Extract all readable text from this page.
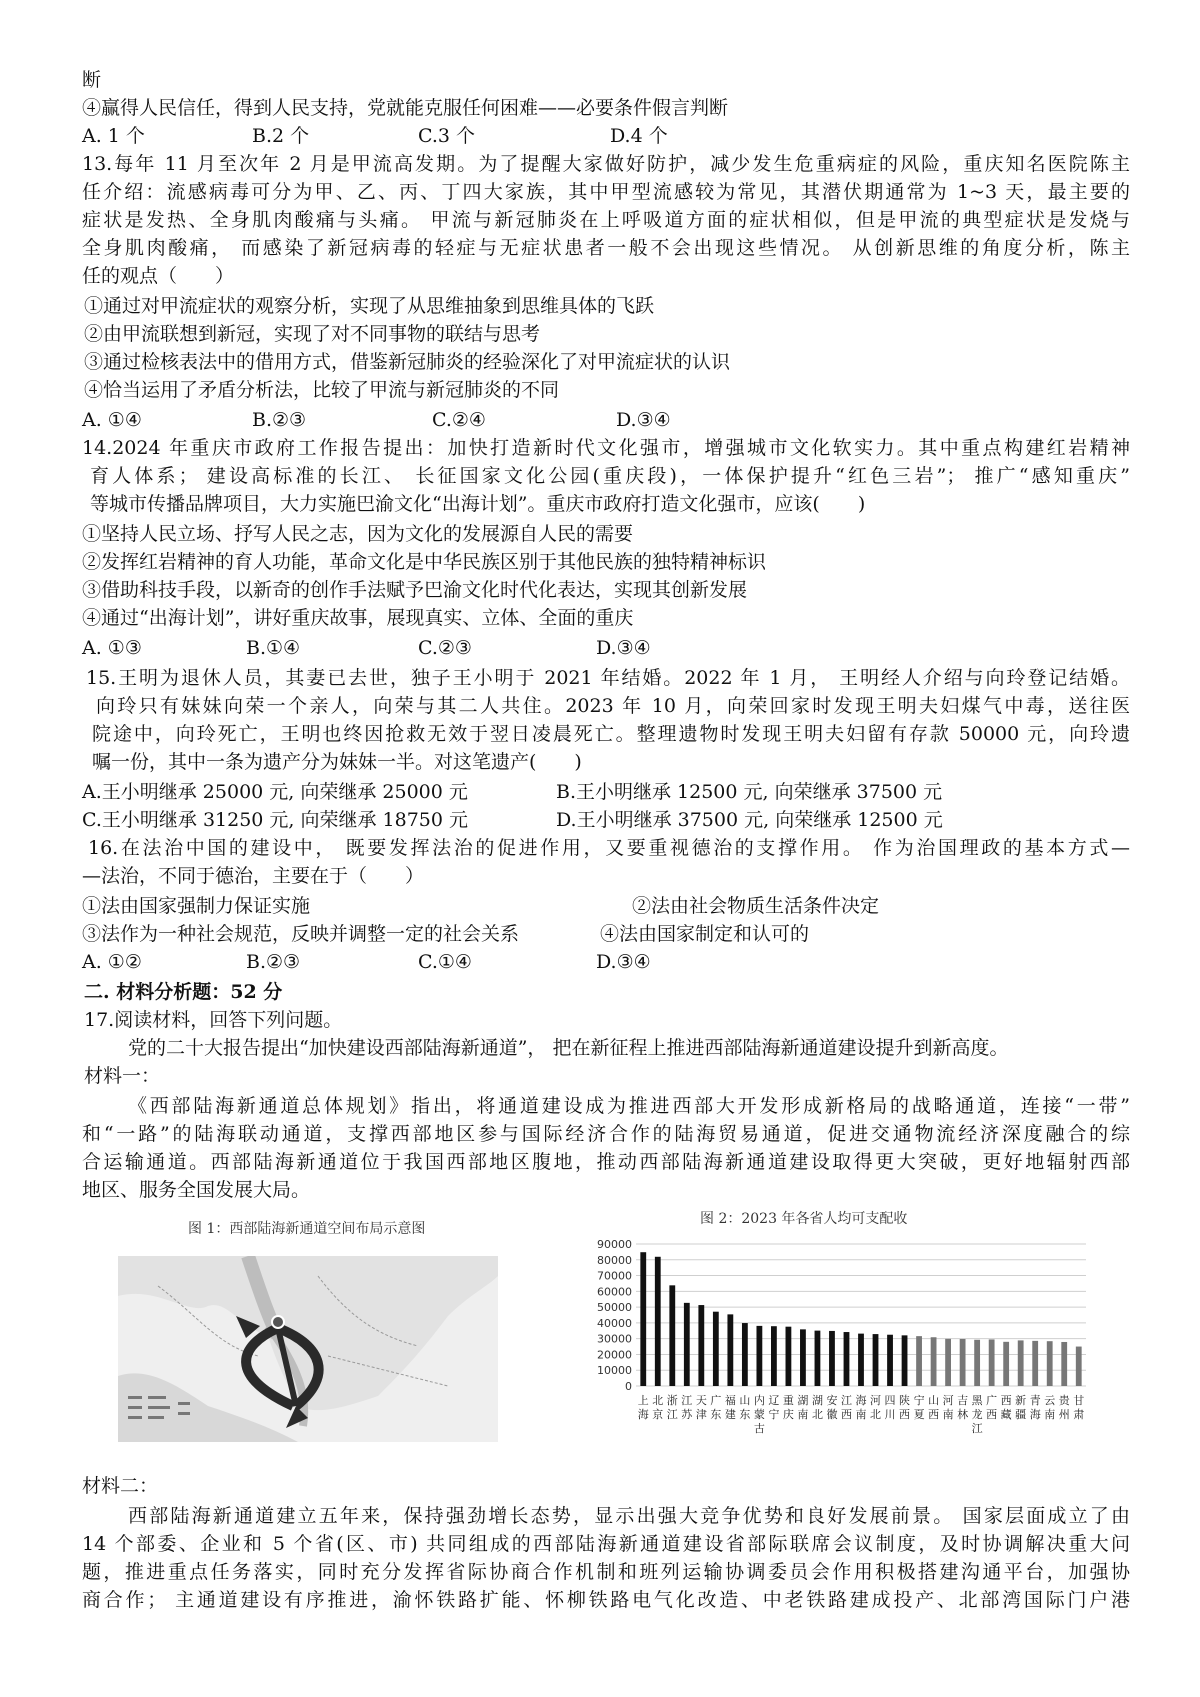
断
④赢得人民信任，得到人民支持，党就能克服任何困难——必要条件假言判断
A. 1 个	B.2 个	C.3 个	D.4 个
13.每年 11 月至次年 2 月是甲流高发期。为了提醒大家做好防护，减少发生危重病症的风险，重庆知名医院陈主
任介绍：流感病毒可分为甲、乙、丙、丁四大家族，其中甲型流感较为常见，其潜伏期通常为 1~3 天，最主要的
症状是发热、全身肌肉酸痛与头痛。 甲流与新冠肺炎在上呼吸道方面的症状相似，但是甲流的典型症状是发烧与
全身肌肉酸痛， 而感染了新冠病毒的轻症与无症状患者一般不会出现这些情况。 从创新思维的角度分析，陈主
任的观点（　　）
①通过对甲流症状的观察分析，实现了从思维抽象到思维具体的飞跃
②由甲流联想到新冠，实现了对不同事物的联结与思考
③通过检核表法中的借用方式，借鉴新冠肺炎的经验深化了对甲流症状的认识
④恰当运用了矛盾分析法，比较了甲流与新冠肺炎的不同
A. ①④	B.②③	C.②④	D.③④
14.2024 年重庆市政府工作报告提出：加快打造新时代文化强市，增强城市文化软实力。其中重点构建红岩精神
育人体系； 建设高标准的长江、 长征国家文化公园(重庆段)，一体保护提升“红色三岩”； 推广“感知重庆”
等城市传播品牌项目，大力实施巴渝文化“出海计划”。重庆市政府打造文化强市，应该(　　)
①坚持人民立场、抒写人民之志，因为文化的发展源自人民的需要
②发挥红岩精神的育人功能，革命文化是中华民族区别于其他民族的独特精神标识
③借助科技手段，以新奇的创作手法赋予巴渝文化时代化表达，实现其创新发展
④通过“出海计划”，讲好重庆故事，展现真实、立体、全面的重庆
A. ①③	B.①④	C.②③	D.③④
15.王明为退休人员，其妻已去世，独子王小明于 2021 年结婚。2022 年 1 月， 王明经人介绍与向玲登记结婚。
向玲只有妹妹向荣一个亲人，向荣与其二人共住。2023 年 10 月，向荣回家时发现王明夫妇煤气中毒，送往医
院途中，向玲死亡，王明也终因抢救无效于翌日凌晨死亡。整理遗物时发现王明夫妇留有存款 50000 元，向玲遗
嘱一份，其中一条为遗产分为妹妹一半。对这笔遗产(　　)
A.王小明继承 25000 元, 向荣继承 25000 元	B.王小明继承 12500 元, 向荣继承 37500 元
C.王小明继承 31250 元, 向荣继承 18750 元	D.王小明继承 37500 元, 向荣继承 12500 元
16.在法治中国的建设中， 既要发挥法治的促进作用，又要重视德治的支撑作用。 作为治国理政的基本方式—
—法治，不同于德治，主要在于（　　）
①法由国家强制力保证实施	②法由社会物质生活条件决定
③法作为一种社会规范，反映并调整一定的社会关系	④法由国家制定和认可的
A. ①②	B.②③	C.①④	D.③④
二. 材料分析题：52 分
17.阅读材料，回答下列问题。
党的二十大报告提出“加快建设西部陆海新通道”， 把在新征程上推进西部陆海新通道建设提升到新高度。
材料一：
《西部陆海新通道总体规划》指出，将通道建设成为推进西部大开发形成新格局的战略通道，连接“一带”
和“一路”的陆海联动通道，支撑西部地区参与国际经济合作的陆海贸易通道，促进交通物流经济深度融合的综
合运输通道。西部陆海新通道位于我国西部地区腹地，推动西部陆海新通道建设取得更大突破，更好地辐射西部
地区、服务全国发展大局。
图 1：西部陆海新通道空间布局示意图
图 2：2023 年各省人均可支配收
90000
80000
70000
60000
50000
40000
30000
20000
10000
0
上
海
北
京
浙
江
江
苏
天
津
广
东
福
建
山
东
内
蒙
古
辽
宁
重
庆
湖
南
湖
北
安
徽
江
西
海
南
河
北
四
川
陕
西
宁
夏
山
西
河
南
吉
林
黑
龙
江
广
西
西
藏
新
疆
青
海
云
南
贵
州
甘
肃
材料二：
西部陆海新通道建立五年来，保持强劲增长态势，显示出强大竞争优势和良好发展前景。 国家层面成立了由
14 个部委、企业和 5 个省(区、市) 共同组成的西部陆海新通道建设省部际联席会议制度，及时协调解决重大问
题，推进重点任务落实，同时充分发挥省际协商合作机制和班列运输协调委员会作用积极搭建沟通平台，加强协
商合作； 主通道建设有序推进，渝怀铁路扩能、怀柳铁路电气化改造、中老铁路建成投产、北部湾国际门户港
